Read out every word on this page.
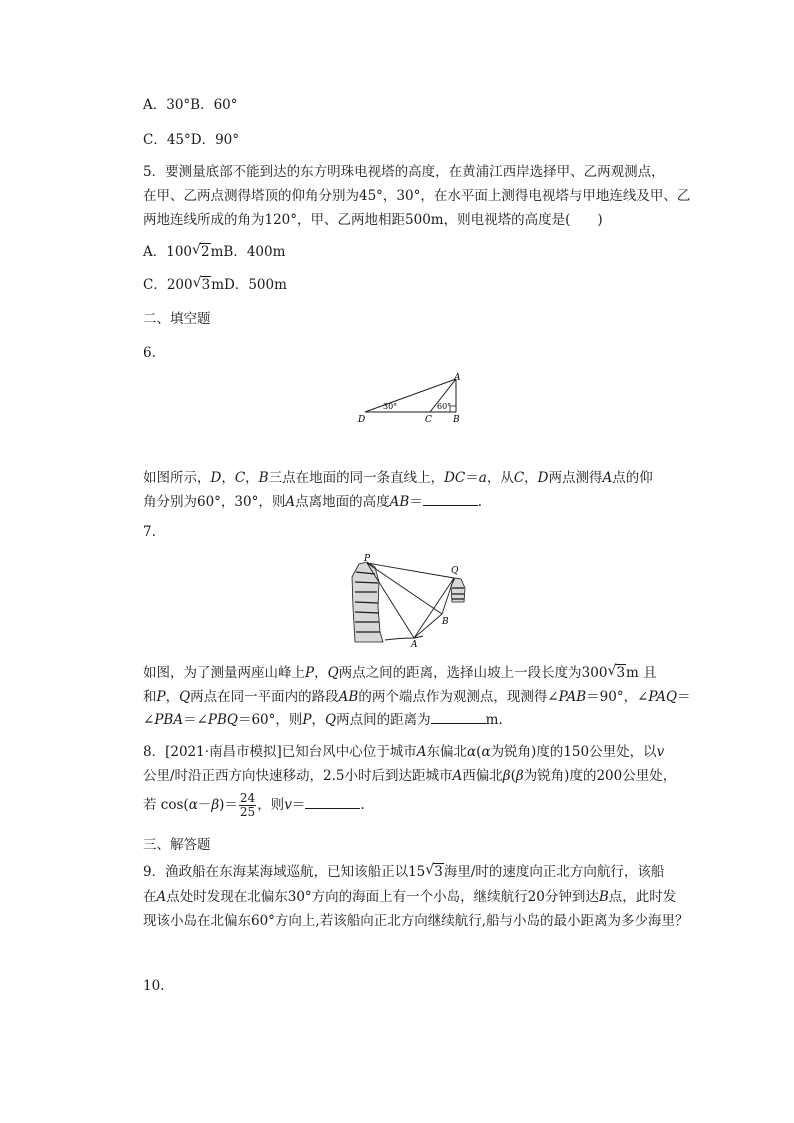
A．30°B．60°
C．45°D．90°
5．要测量底部不能到达的东方明珠电视塔的高度，在黄浦江西岸选择甲、乙两观测点，
在甲、乙两点测得塔顶的仰角分别为45°，30°，在水平面上测得电视塔与甲地连线及甲、乙
两地连线所成的角为120°，甲、乙两地相距500m，则电视塔的高度是(　　)
A．100 √ 2mB．400m
C．200 √ 3mD．500m
二、填空题
6.
A
D	C B
30°	60°
如图所示，D，C，B三点在地面的同一条直线上，DC＝a，从C，D两点测得A点的仰
角分别为60°，30°，则A点离地面的高度AB＝	.
7.
P
Q
B
A
如图，为了测量两座山峰上P，Q两点之间的距离，选择山坡上一段长度为300 √ 3m 且
和P，Q两点在同一平面内的路段AB的两个端点作为观测点，现测得∠PAB＝90°，∠PAQ＝
∠PBA＝∠PBQ＝60°，则P，Q两点间的距离为	m.
8．[2021·南昌市模拟]已知台风中心位于城市A东偏北α(α为锐角)度的150公里处，以v
公里/时沿正西方向快速移动，2.5小时后到达距城市A西偏北β(β为锐角)度的200公里处，
若 $\cos(\alpha-\beta)= \frac{24}{25}$ ，则v＝	.
三、解答题
9．渔政船在东海某海域巡航，已知该船正以15 √ 3海里/时的速度向正北方向航行，该船
在A点处时发现在北偏东30°方向的海面上有一个小岛，继续航行20分钟到达B点，此时发
现该小岛在北偏东60°方向上,若该船向正北方向继续航行,船与小岛的最小距离为多少海里？
10.
